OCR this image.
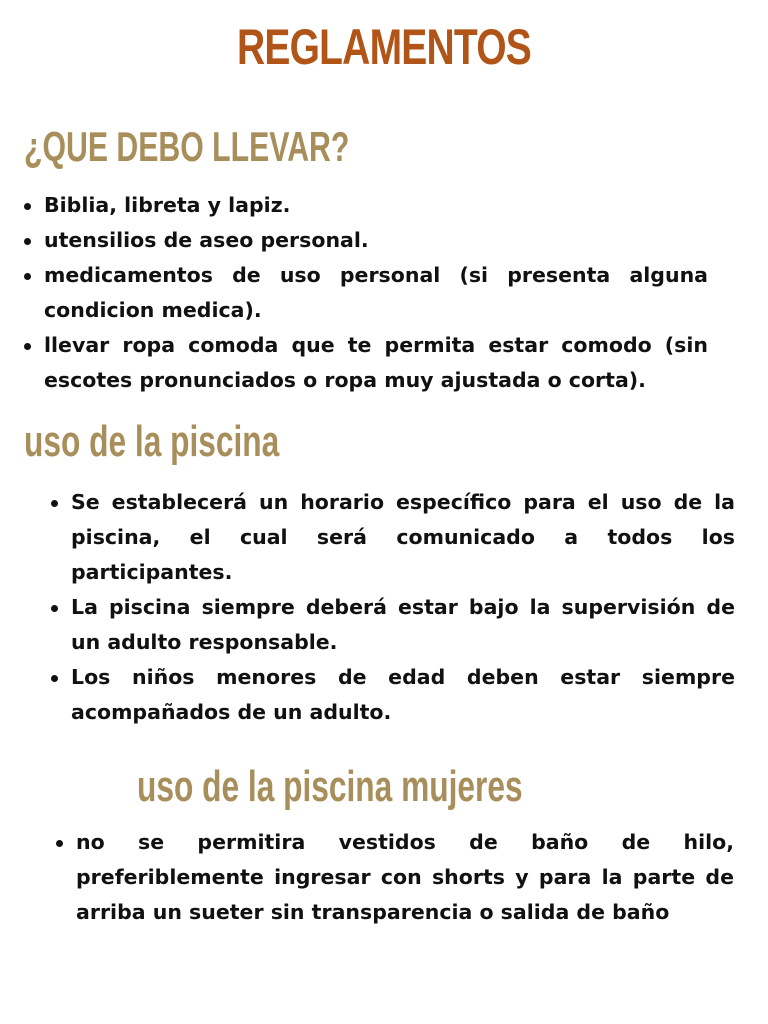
REGLAMENTOS
¿QUE DEBO LLEVAR?
Biblia, libreta y lapiz.
utensilios de aseo personal.
medicamentos de uso personal (si presenta alguna condicion medica).
llevar ropa comoda que te permita estar comodo (sin escotes pronunciados o ropa muy ajustada o corta).
uso de la piscina
Se establecerá un horario específico para el uso de la piscina, el cual será comunicado a todos los participantes.
La piscina siempre deberá estar bajo la supervisión de un adulto responsable.
Los niños menores de edad deben estar siempre acompañados de un adulto.
uso de la piscina mujeres
no se permitira vestidos de baño de hilo, preferiblemente ingresar con shorts y para la parte de arriba un sueter sin transparencia o salida de baño
